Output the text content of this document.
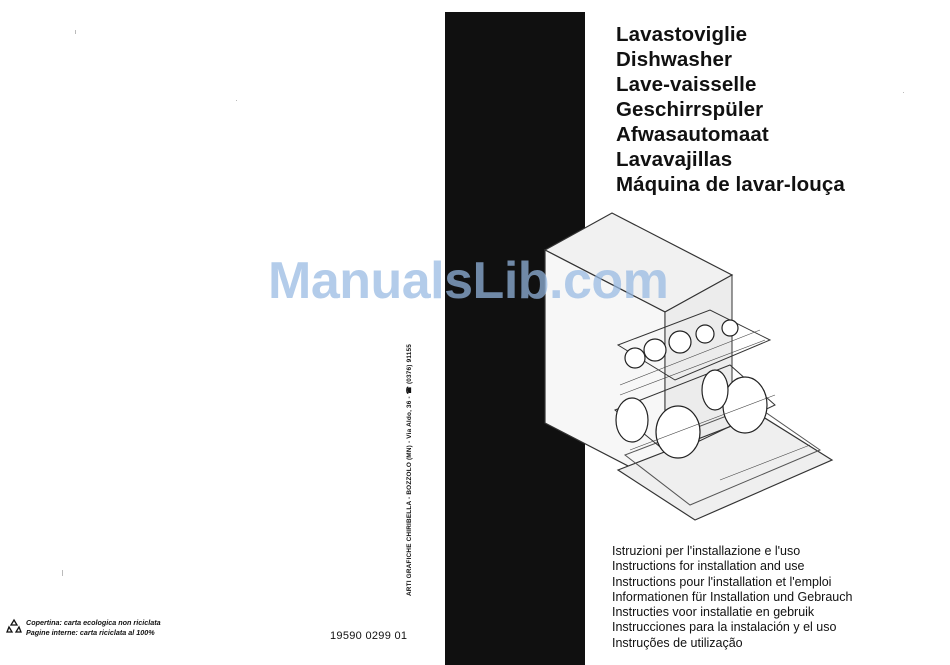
ARTI GRAFICHE CHIRIBELLA - BOZZOLO (MN) - Via Aldo, 36 - ☎ (0376) 91155
Lavastoviglie
Dishwasher
Lave-vaisselle
Geschirrspüler
Afwasautomaat
Lavavajillas
Máquina de lavar-louça
ManualsLib.com
Istruzioni per l'installazione e l'uso
Instructions for installation and use
Instructions pour l'installation et l'emploi
Informationen für Installation und Gebrauch
Instructies voor installatie en gebruik
Instrucciones para la instalación y el uso
Instruções de utilização
19590 0299 01
Copertina: carta ecologica non riciclata
Pagine interne: carta riciclata al 100%
